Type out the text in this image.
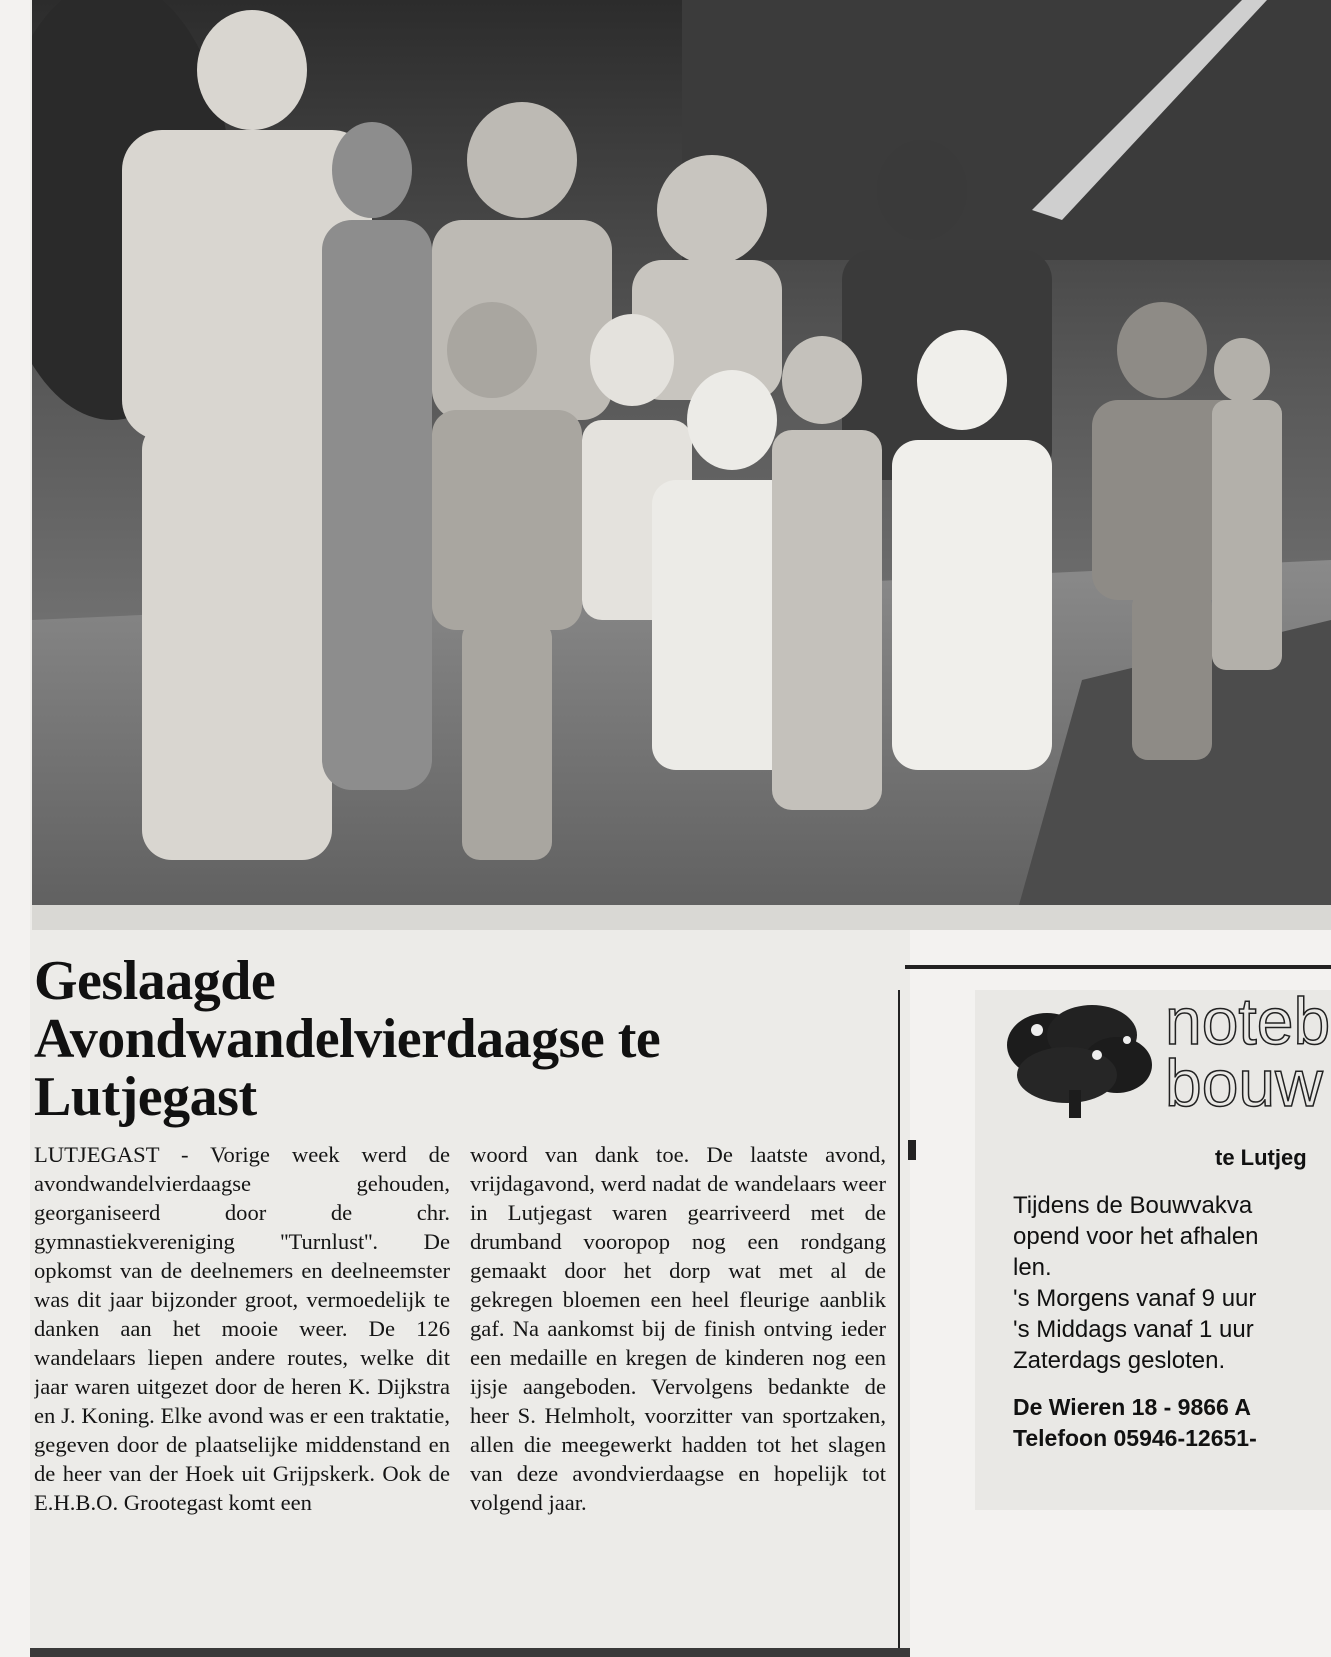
Geslaagde
Avondwandelvierdaagse te
Lutjegast
LUTJEGAST - Vorige week werd de avondwandelvierdaagse gehouden, georganiseerd door de chr. gymnastiekvereniging ''Turnlust''. De opkomst van de deelnemers en deelneemster was dit jaar bijzonder groot, vermoedelijk te danken aan het mooie weer. De 126 wandelaars liepen andere routes, welke dit jaar waren uitgezet door de heren K. Dijkstra en J. Koning. Elke avond was er een traktatie, gegeven door de plaatselijke middenstand en de heer van der Hoek uit Grijpskerk. Ook de E.H.B.O. Grootegast komt een
woord van dank toe. De laatste avond, vrijdagavond, werd nadat de wandelaars weer in Lutjegast waren gearriveerd met de drumband vooropop nog een rondgang gemaakt door het dorp wat met al de gekregen bloemen een heel fleurige aanblik gaf. Na aankomst bij de finish ontving ieder een medaille en kregen de kinderen nog een ijsje aangeboden. Vervolgens bedankte de heer S. Helmholt, voorzitter van sportzaken, allen die meegewerkt hadden tot het slagen van deze avondvierdaagse en hopelijk tot volgend jaar.
noteb
bouw
te Lutjeg
Tijdens de Bouwvakva
opend voor het afhalen
len.
's Morgens vanaf 9 uur
's Middags vanaf 1 uur
Zaterdags gesloten.
De Wieren 18 - 9866 A
Telefoon 05946-12651-
